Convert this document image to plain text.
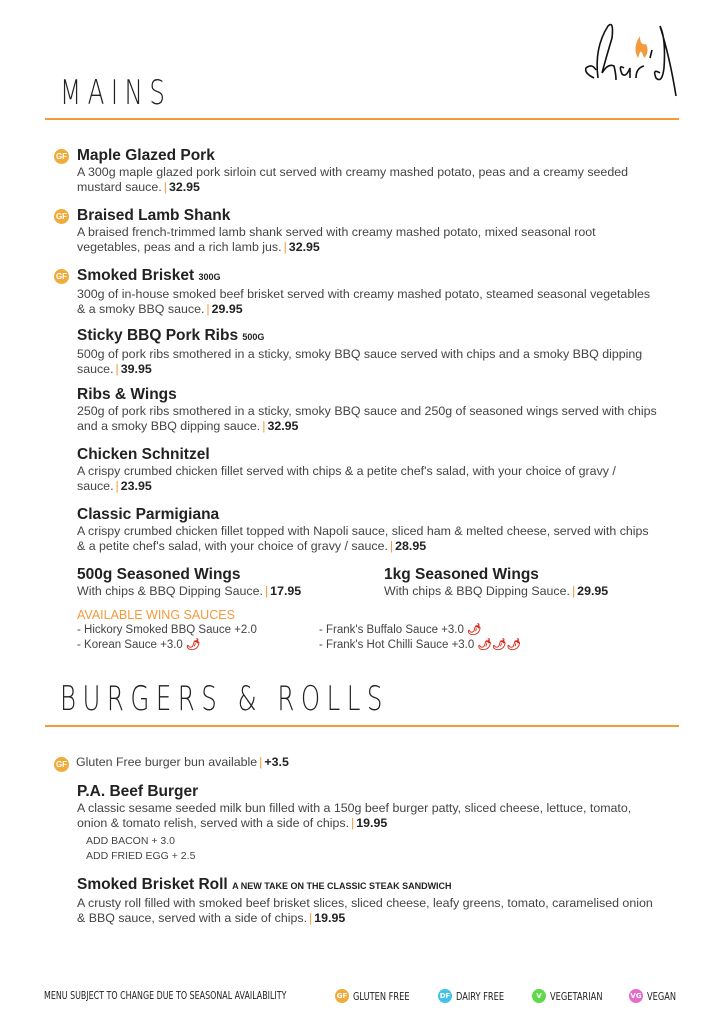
MAINS
GF Maple Glazed Pork
A 300g maple glazed pork sirloin cut served with creamy mashed potato, peas and a creamy seeded mustard sauce. | 32.95
GF Braised Lamb Shank
A braised french-trimmed lamb shank served with creamy mashed potato, mixed seasonal root vegetables, peas and a rich lamb jus. | 32.95
GF Smoked Brisket 300G
300g of in-house smoked beef brisket served with creamy mashed potato, steamed seasonal vegetables & a smoky BBQ sauce. | 29.95
Sticky BBQ Pork Ribs 500G
500g of pork ribs smothered in a sticky, smoky BBQ sauce served with chips and a smoky BBQ dipping sauce. | 39.95
Ribs & Wings
250g of pork ribs smothered in a sticky, smoky BBQ sauce and 250g of seasoned wings served with chips and a smoky BBQ dipping sauce. | 32.95
Chicken Schnitzel
A crispy crumbed chicken fillet served with chips & a petite chef's salad, with your choice of gravy / sauce. | 23.95
Classic Parmigiana
A crispy crumbed chicken fillet topped with Napoli sauce, sliced ham & melted cheese, served with chips & a petite chef's salad, with your choice of gravy / sauce. | 28.95
500g Seasoned Wings
With chips & BBQ Dipping Sauce. | 17.95
1kg Seasoned Wings
With chips & BBQ Dipping Sauce. | 29.95
AVAILABLE WING SAUCES
- Hickory Smoked BBQ Sauce +2.0
- Korean Sauce +3.0 🌶
- Frank's Buffalo Sauce +3.0 🌶
- Frank's Hot Chilli Sauce +3.0 🌶🌶🌶
BURGERS & ROLLS
GF Gluten Free burger bun available | +3.5
P.A. Beef Burger
A classic sesame seeded milk bun filled with a 150g beef burger patty, sliced cheese, lettuce, tomato, onion & tomato relish, served with a side of chips. | 19.95
ADD BACON + 3.0
ADD FRIED EGG + 2.5
Smoked Brisket Roll A NEW TAKE ON THE CLASSIC STEAK SANDWICH
A crusty roll filled with smoked beef brisket slices, sliced cheese, leafy greens, tomato, caramelised onion & BBQ sauce, served with a side of chips. | 19.95
MENU SUBJECT TO CHANGE DUE TO SEASONAL AVAILABILITY	GF GLUTEN FREE	DF DAIRY FREE	V VEGETARIAN	VG VEGAN
